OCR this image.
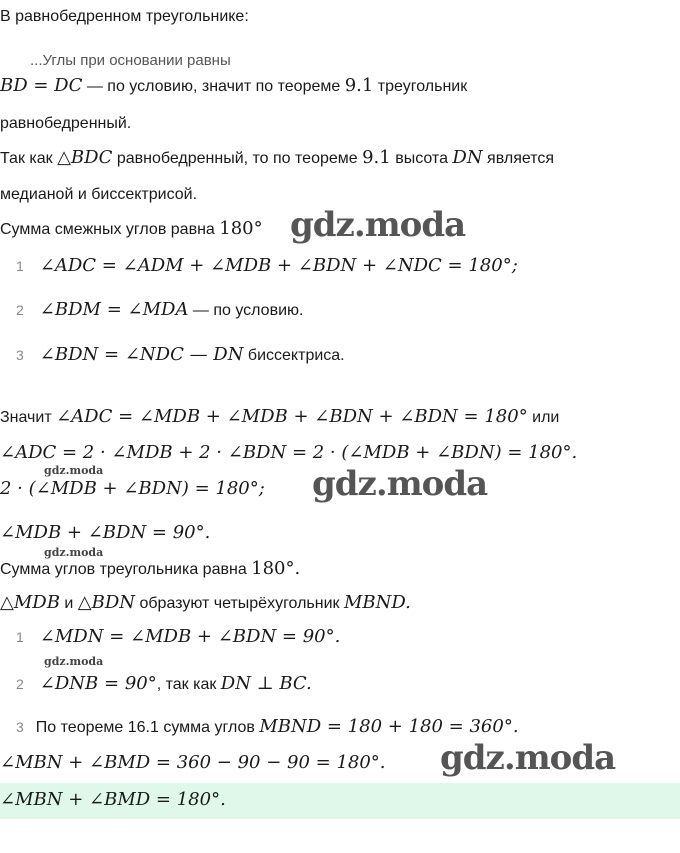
В равнобедренном треугольнике:
...Углы при основании равны
BD = DC — по условию, значит по теореме 9.1 треугольник
равнобедренный.
Так как △BDC равнобедренный, то по теореме 9.1 высота DN является
медианой и биссектрисой.
Сумма смежных углов равна 180° gdz.moda
1 ∠ADC = ∠ADM + ∠MDB + ∠BDN + ∠NDC = 180°;
2 ∠BDM = ∠MDA — по условию.
3 ∠BDN = ∠NDC — DN биссектриса.
Значит ∠ADC = ∠MDB + ∠MDB + ∠BDN + ∠BDN = 180° или
∠ADC = 2 · ∠MDB + 2 · ∠BDN = 2 · (∠MDB + ∠BDN) = 180°.
gdz.moda
2 · (∠MDB + ∠BDN) = 180°; gdz.moda
∠MDB + ∠BDN = 90°.
gdz.moda
Сумма углов треугольника равна 180°.
△MDB и △BDN образуют четырёхугольник MBND.
1 ∠MDN = ∠MDB + ∠BDN = 90°.
gdz.moda
2 ∠DNB = 90°, так как DN ⊥ BC.
3 По теореме 16.1 сумма углов MBND = 180 + 180 = 360°.
∠MBN + ∠BMD = 360 − 90 − 90 = 180°. gdz.moda
∠MBN + ∠BMD = 180°.
